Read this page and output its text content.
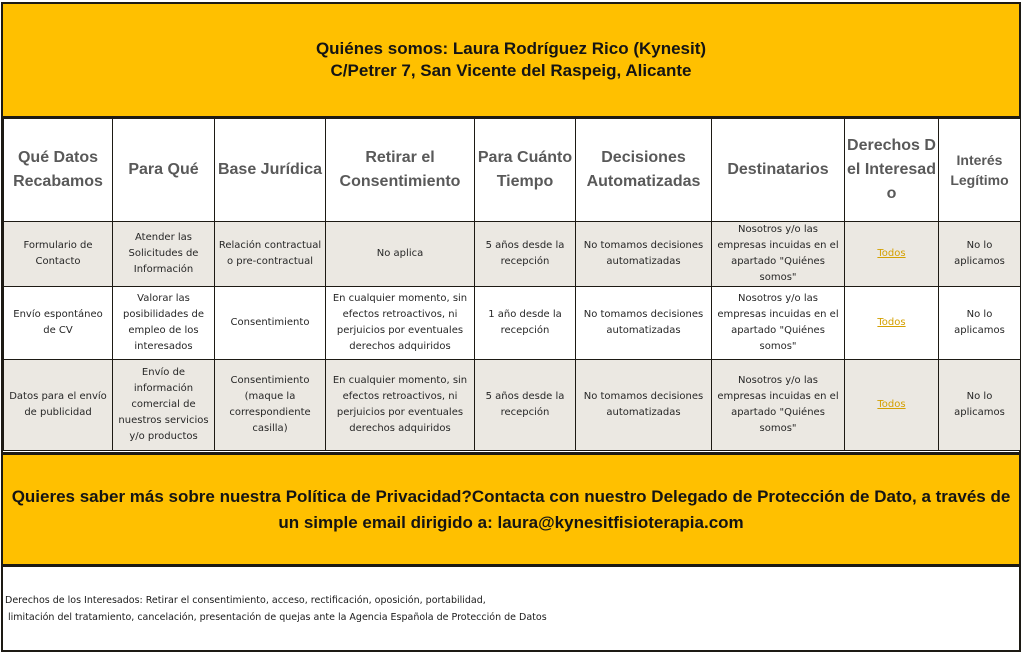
Quiénes somos: Laura Rodríguez Rico (Kynesit)
C/Petrer 7, San Vicente del Raspeig, Alicante
Qué Datos Recabamos	Para Qué	Base Jurídica	Retirar el Consentimiento	Para Cuánto Tiempo	Decisiones Automatizadas	Destinatarios	Derechos Del Interesado	Interés Legítimo
Formulario de Contacto	Atender las Solicitudes de Información	Relación contractual o pre-contractual	No aplica	5 años desde la recepción	No tomamos decisiones automatizadas	Nosotros y/o las empresas incuidas en el apartado "Quiénes somos"	Todos	No lo aplicamos
Envío espontáneo de CV	Valorar las posibilidades de empleo de los interesados	Consentimiento	En cualquier momento, sin efectos retroactivos, ni perjuicios por eventuales derechos adquiridos	1 año desde la recepción	No tomamos decisiones automatizadas	Nosotros y/o las empresas incuidas en el apartado "Quiénes somos"	Todos	No lo aplicamos
Datos para el envío de publicidad	Envío de información comercial de nuestros servicios y/o productos	Consentimiento (maque la correspondiente casilla)	En cualquier momento, sin efectos retroactivos, ni perjuicios por eventuales derechos adquiridos	5 años desde la recepción	No tomamos decisiones automatizadas	Nosotros y/o las empresas incuidas en el apartado "Quiénes somos"	Todos	No lo aplicamos
Quieres saber más sobre nuestra Política de Privacidad?Contacta con nuestro Delegado de Protección de Dato, a través de un simple email dirigido a: laura@kynesitfisioterapia.com
Derechos de los Interesados: Retirar el consentimiento, acceso, rectificación, oposición, portabilidad,
limitación del tratamiento, cancelación, presentación de quejas ante la Agencia Española de Protección de Datos
